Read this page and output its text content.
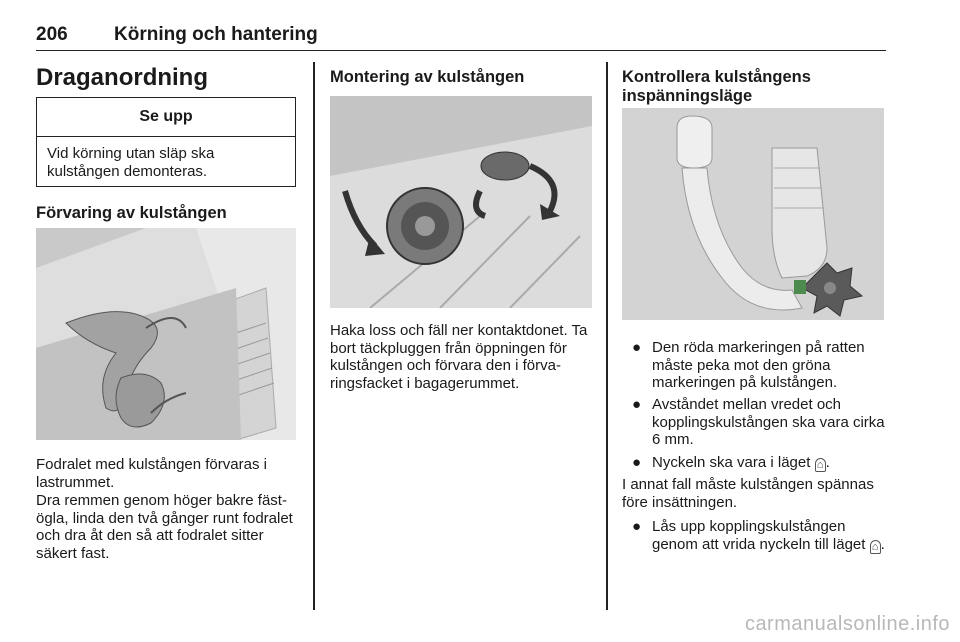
206 Körning och hantering
Draganordning
Se upp
Vid körning utan släp ska kulstången demonteras.
Förvaring av kulstången
Fodralet med kulstången förvaras i lastrummet.
Dra remmen genom höger bakre fästögla, linda den två gånger runt fodralet och dra åt den så att fodralet sitter säkert fast.
Montering av kulstången
Haka loss och fäll ner kontaktdonet. Ta bort täckpluggen från öppningen för kulstången och förvara den i förvaringsfacket i bagagerummet.
Kontrollera kulstångens inspänningsläge
● Den röda markeringen på ratten måste peka mot den gröna markeringen på kulstången.
● Avståndet mellan vredet och kopplingskulstången ska vara cirka 6 mm.
● Nyckeln ska vara i läget ⌂ .
I annat fall måste kulstången spännas före insättningen.
● Lås upp kopplingskulstången genom att vrida nyckeln till läget ⌂ .
carmanualsonline.info
